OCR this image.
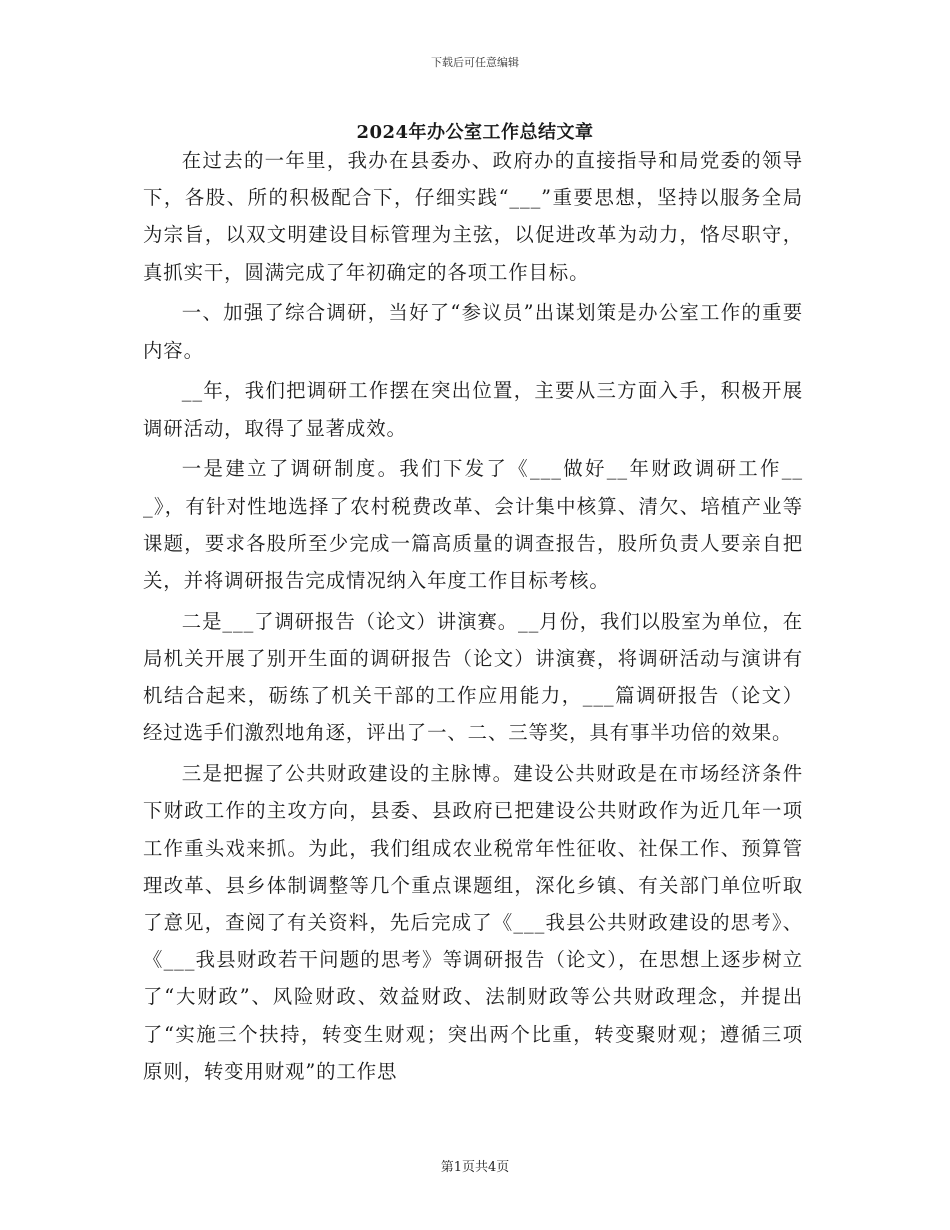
下载后可任意编辑
2024年办公室工作总结文章

在过去的一年里，我办在县委办、政府办的直接指导和局党委的领导下，各股、所的积极配合下，仔细实践“___”重要思想，坚持以服务全局为宗旨，以双文明建设目标管理为主弦，以促进改革为动力，恪尽职守，真抓实干，圆满完成了年初确定的各项工作目标。

一、加强了综合调研，当好了“参议员”出谋划策是办公室工作的重要内容。

__年，我们把调研工作摆在突出位置，主要从三方面入手，积极开展调研活动，取得了显著成效。

一是建立了调研制度。我们下发了《___做好__年财政调研工作___》，有针对性地选择了农村税费改革、会计集中核算、清欠、培植产业等课题，要求各股所至少完成一篇高质量的调查报告，股所负责人要亲自把关，并将调研报告完成情况纳入年度工作目标考核。

二是___了调研报告（论文）讲演赛。__月份，我们以股室为单位，在局机关开展了别开生面的调研报告（论文）讲演赛，将调研活动与演讲有机结合起来，砺练了机关干部的工作应用能力，___篇调研报告（论文）经过选手们激烈地角逐，评出了一、二、三等奖，具有事半功倍的效果。

三是把握了公共财政建设的主脉博。建设公共财政是在市场经济条件下财政工作的主攻方向，县委、县政府已把建设公共财政作为近几年一项工作重头戏来抓。为此，我们组成农业税常年性征收、社保工作、预算管理改革、县乡体制调整等几个重点课题组，深化乡镇、有关部门单位听取了意见，查阅了有关资料，先后完成了《___我县公共财政建设的思考》、《___我县财政若干问题的思考》等调研报告（论文），在思想上逐步树立了“大财政”、风险财政、效益财政、法制财政等公共财政理念，并提出了“实施三个扶持，转变生财观；突出两个比重，转变聚财观；遵循三项原则，转变用财观”的工作思

第1页共4页
